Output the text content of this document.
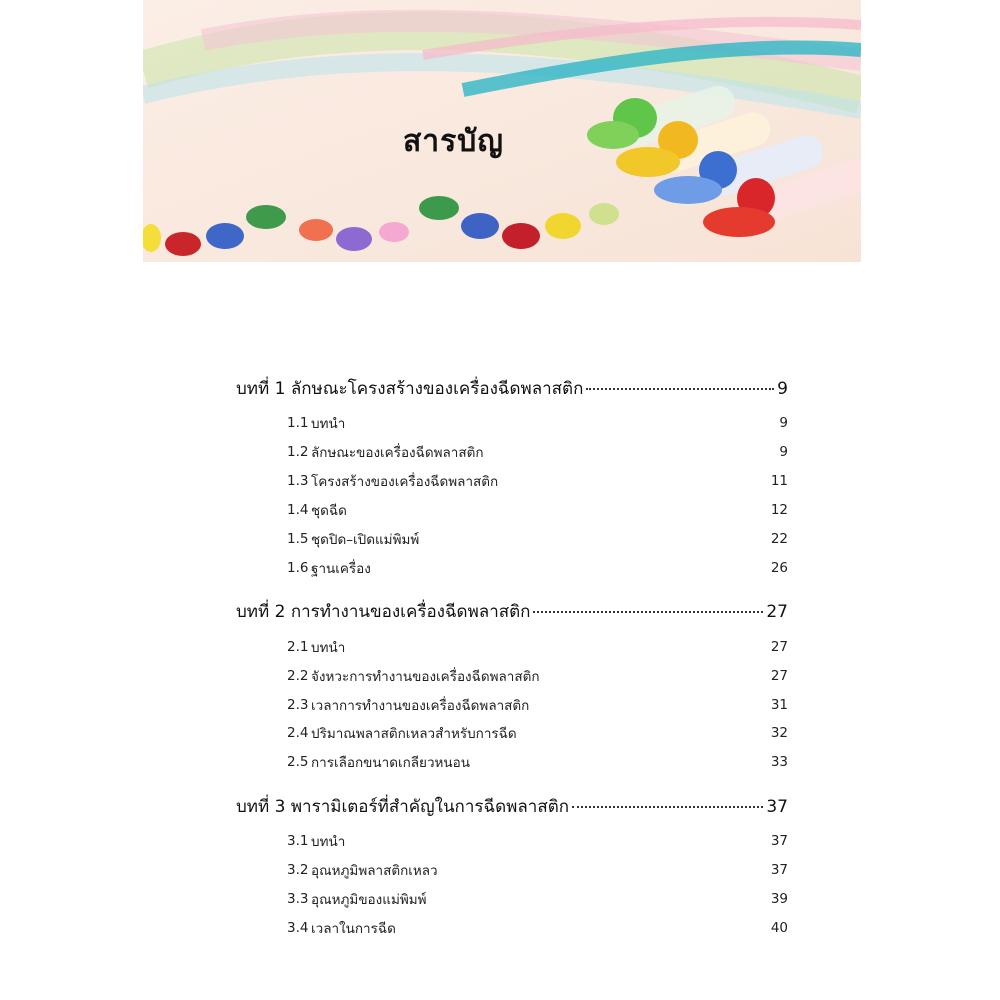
สารบัญ
บทที่ 1 ลักษณะโครงสร้างของเครื่องฉีดพลาสติก	9
1.1 บทนำ	9
1.2 ลักษณะของเครื่องฉีดพลาสติก	9
1.3 โครงสร้างของเครื่องฉีดพลาสติก	11
1.4 ชุดฉีด	12
1.5 ชุดปิด–เปิดแม่พิมพ์	22
1.6 ฐานเครื่อง	26
บทที่ 2 การทำงานของเครื่องฉีดพลาสติก	27
2.1 บทนำ	27
2.2 จังหวะการทำงานของเครื่องฉีดพลาสติก	27
2.3 เวลาการทำงานของเครื่องฉีดพลาสติก	31
2.4 ปริมาณพลาสติกเหลวสำหรับการฉีด	32
2.5 การเลือกขนาดเกลียวหนอน	33
บทที่ 3 พารามิเตอร์ที่สำคัญในการฉีดพลาสติก	37
3.1 บทนำ	37
3.2 อุณหภูมิพลาสติกเหลว	37
3.3 อุณหภูมิของแม่พิมพ์	39
3.4 เวลาในการฉีด	40
